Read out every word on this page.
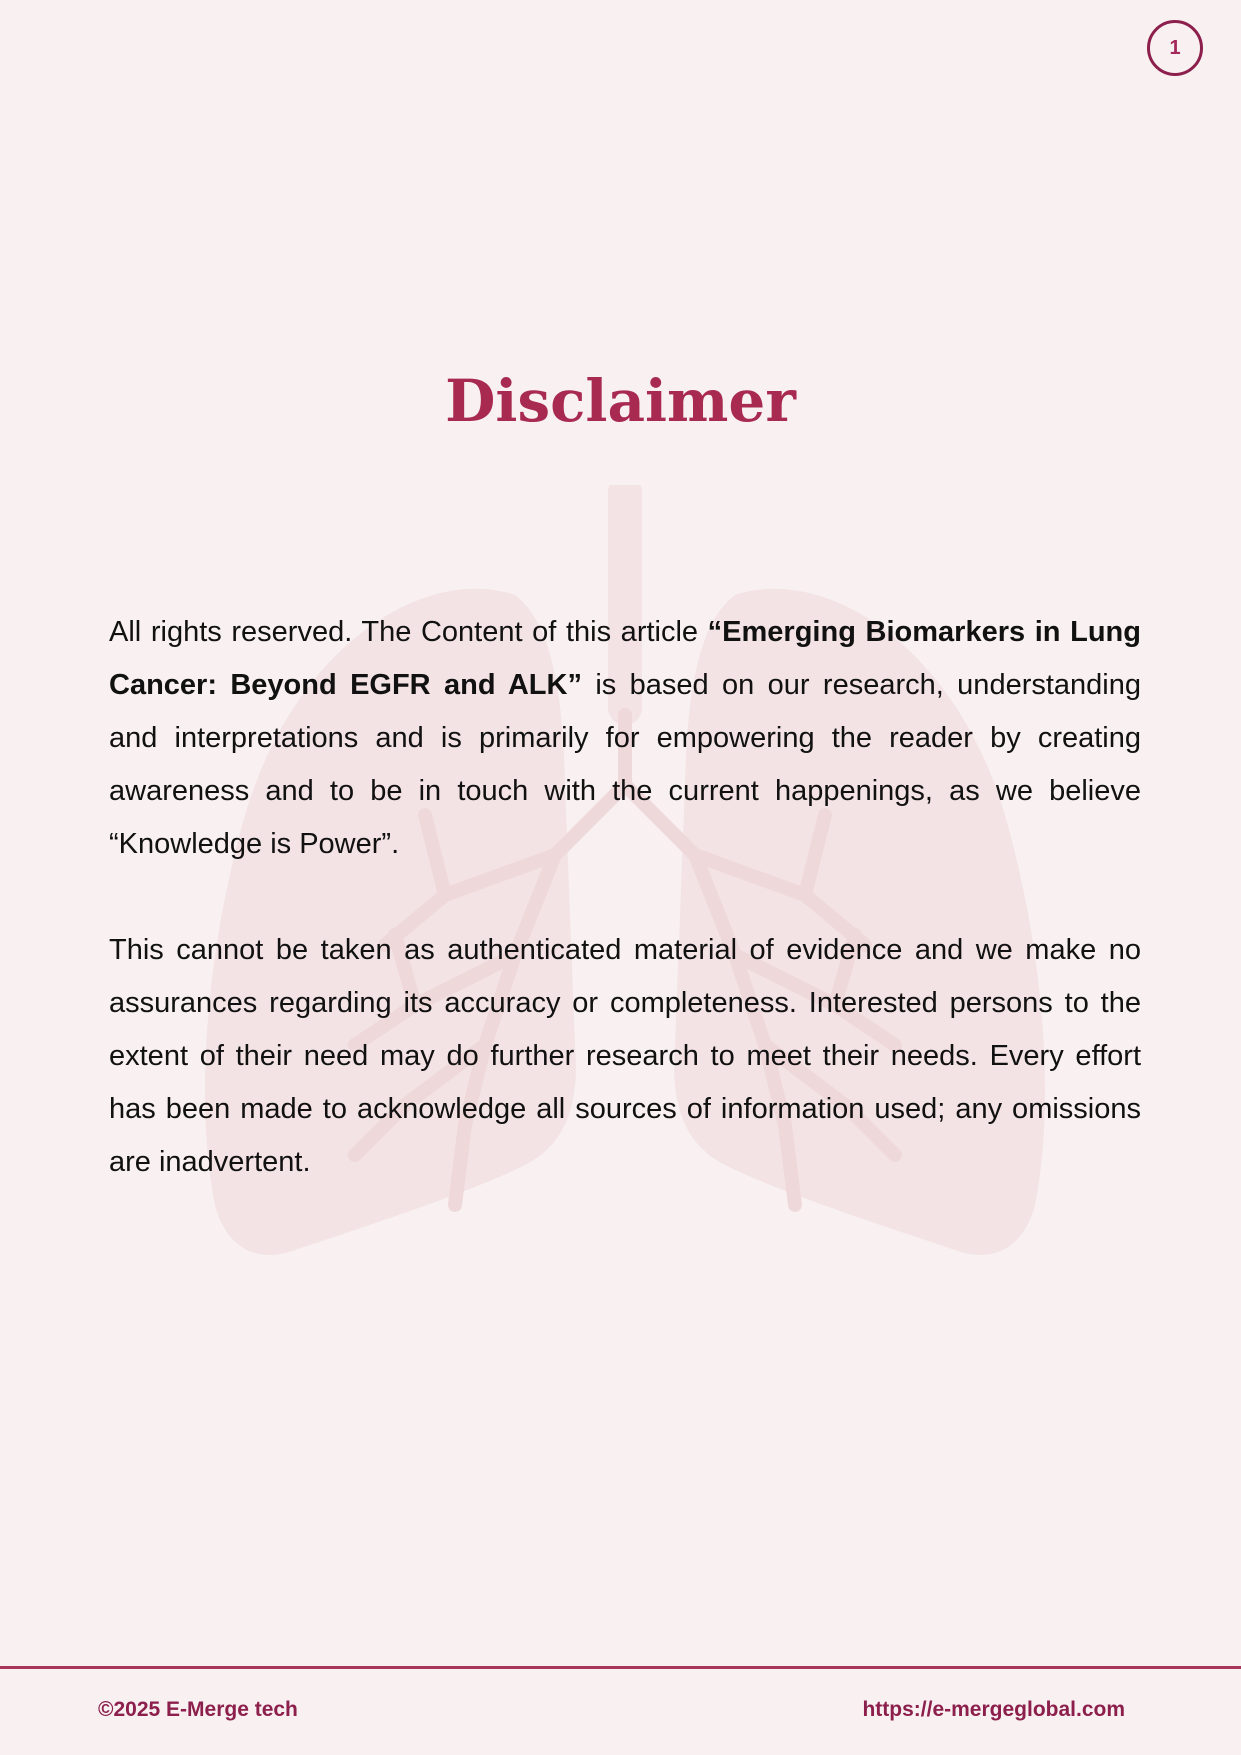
1
Disclaimer

All rights reserved. The Content of this article “Emerging Biomarkers in Lung Cancer: Beyond EGFR and ALK” is based on our research, understanding and interpretations and is primarily for empowering the reader by creating awareness and to be in touch with the current happenings, as we believe “Knowledge is Power”.

This cannot be taken as authenticated material of evidence and we make no assurances regarding its accuracy or completeness. Interested persons to the extent of their need may do further research to meet their needs. Every effort has been made to acknowledge all sources of information used; any omissions are inadvertent.

©2025 E-Merge tech	https://e-mergeglobal.com
